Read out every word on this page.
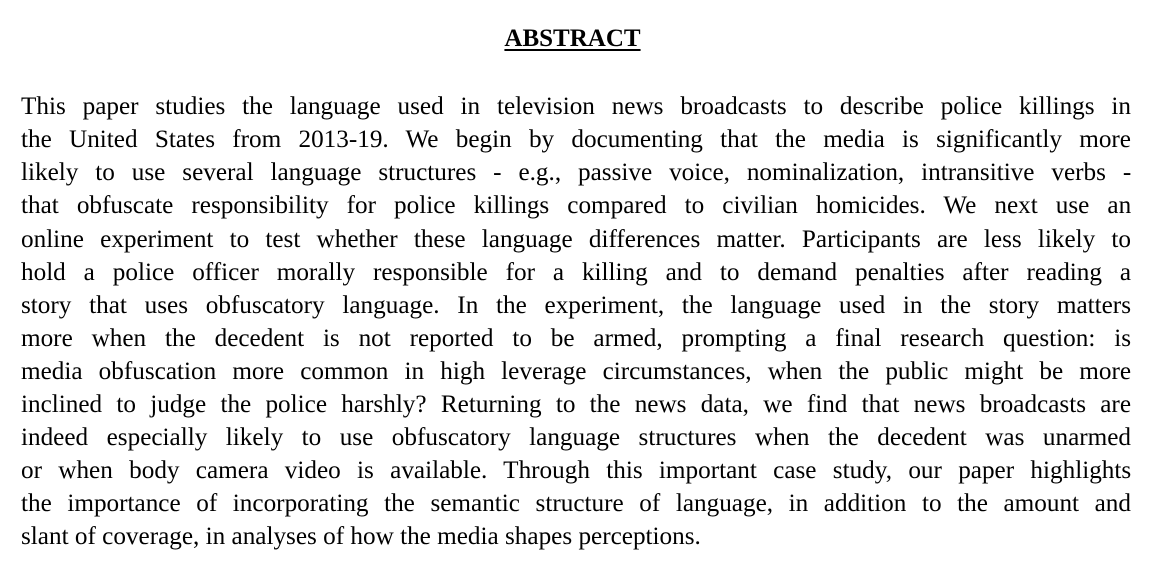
ABSTRACT
This paper studies the language used in television news broadcasts to describe police killings in
the United States from 2013-19. We begin by documenting that the media is significantly more
likely to use several language structures - e.g., passive voice, nominalization, intransitive verbs -
that obfuscate responsibility for police killings compared to civilian homicides. We next use an
online experiment to test whether these language differences matter. Participants are less likely to
hold a police officer morally responsible for a killing and to demand penalties after reading a
story that uses obfuscatory language. In the experiment, the language used in the story matters
more when the decedent is not reported to be armed, prompting a final research question: is
media obfuscation more common in high leverage circumstances, when the public might be more
inclined to judge the police harshly? Returning to the news data, we find that news broadcasts are
indeed especially likely to use obfuscatory language structures when the decedent was unarmed
or when body camera video is available. Through this important case study, our paper highlights
the importance of incorporating the semantic structure of language, in addition to the amount and
slant of coverage, in analyses of how the media shapes perceptions.
